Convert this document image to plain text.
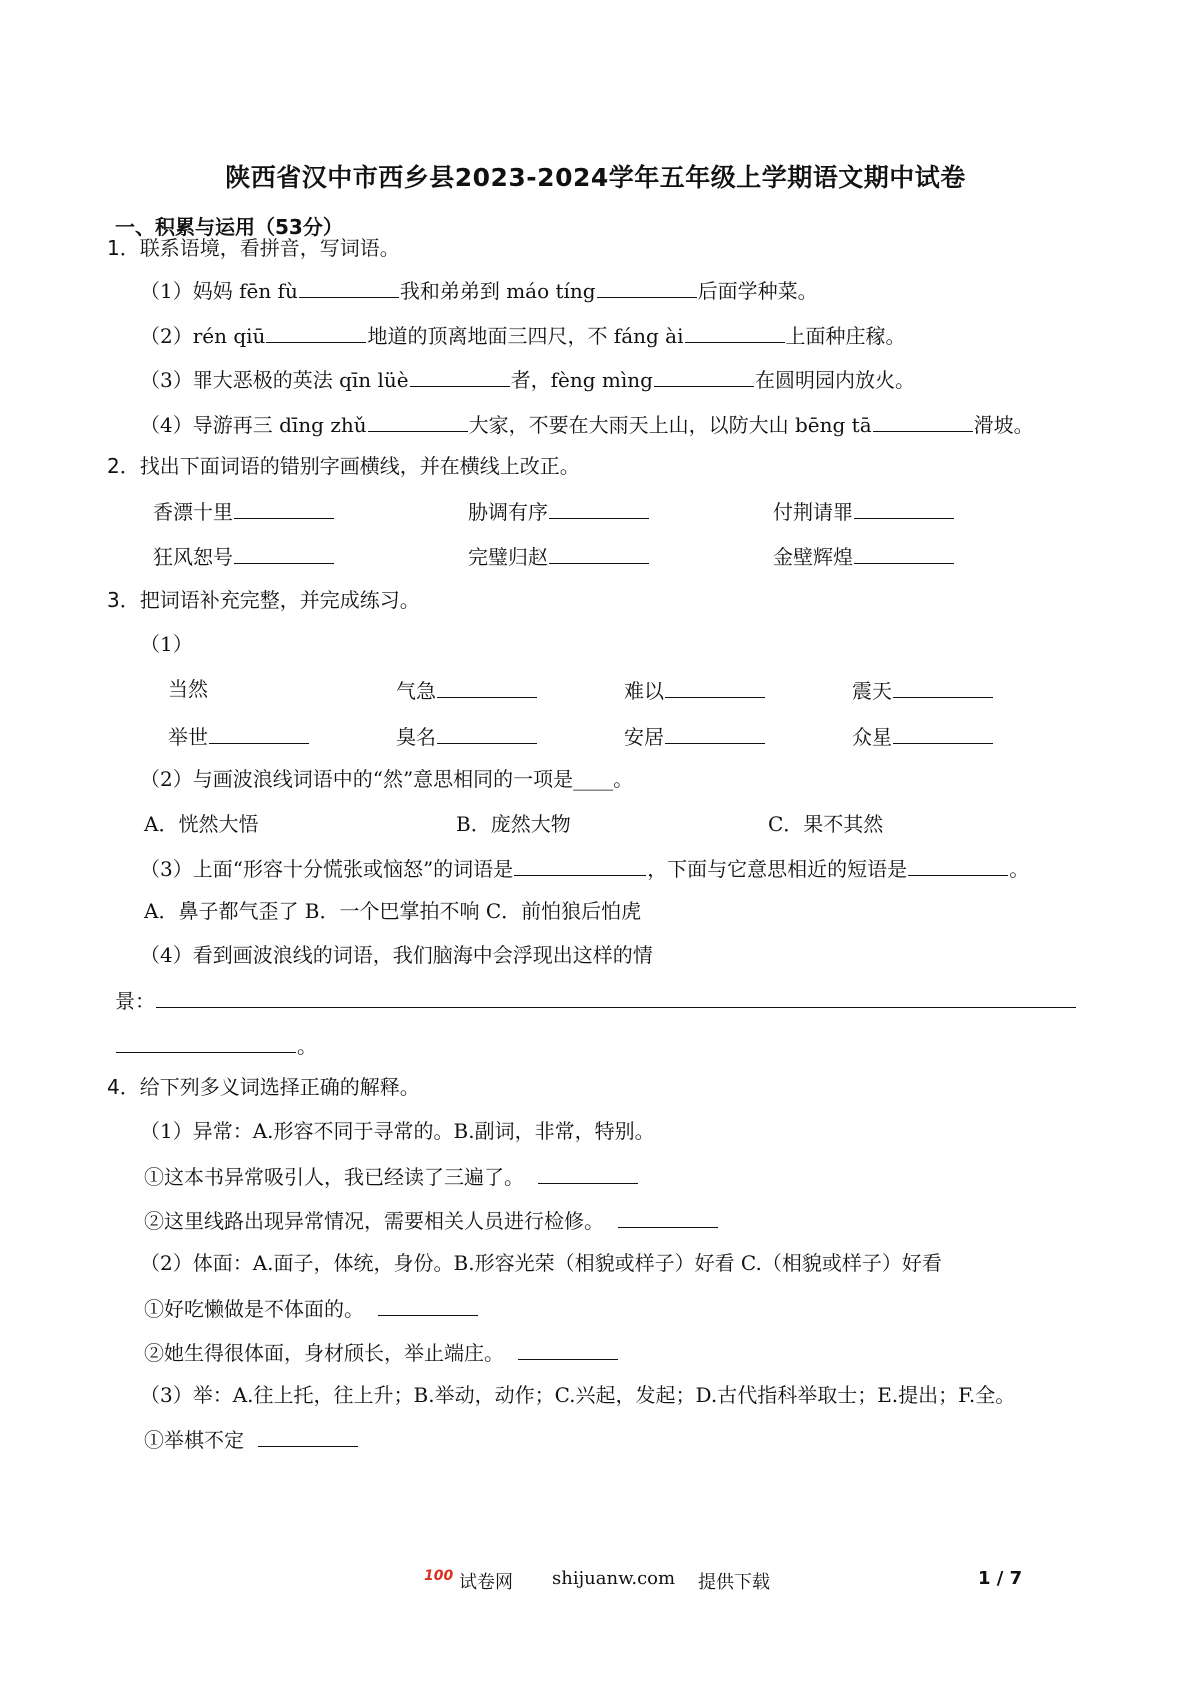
陕西省汉中市西乡县2023-2024学年五年级上学期语文期中试卷
一、积累与运用（53分）
1．联系语境，看拼音，写词语。
（1）妈妈 fēn fù	我和弟弟到 máo tíng	后面学种菜。
（2）rén qiū	地道的顶离地面三四尺，不 fáng ài	上面种庄稼。
（3）罪大恶极的英法 qīn lüè	者，fèng mìng	在圆明园内放火。
（4）导游再三 dīng zhǔ	大家，不要在大雨天上山，以防大山 bēng tā	滑坡。
2．找出下面词语的错别字画横线，并在横线上改正。
香漂十里	胁调有序	付荆请罪
狂风恕号	完璧归赵	金壁辉煌
3．把词语补充完整，并完成练习。
（1）
当然	气急	难以	震天
举世	臭名	安居	众星
（2）与画波浪线词语中的“然”意思相同的一项是____。
A．恍然大悟	B．庞然大物	C．果不其然
（3）上面“形容十分慌张或恼怒”的词语是	，下面与它意思相近的短语是	。
A．鼻子都气歪了 B．一个巴掌拍不响 C．前怕狼后怕虎
（4）看到画波浪线的词语，我们脑海中会浮现出这样的情
景：
。
4．给下列多义词选择正确的解释。
（1）异常：A.形容不同于寻常的。B.副词，非常，特别。
①这本书异常吸引人，我已经读了三遍了。
②这里线路出现异常情况，需要相关人员进行检修。
（2）体面：A.面子，体统，身份。B.形容光荣（相貌或样子）好看 C.（相貌或样子）好看
①好吃懒做是不体面的。
②她生得很体面，身材颀长，举止端庄。
（3）举：A.往上托，往上升；B.举动，动作；C.兴起，发起；D.古代指科举取士；E.提出；F.全。
①举棋不定
100 试卷网 shijuanw.com 提供下载	1 / 7
